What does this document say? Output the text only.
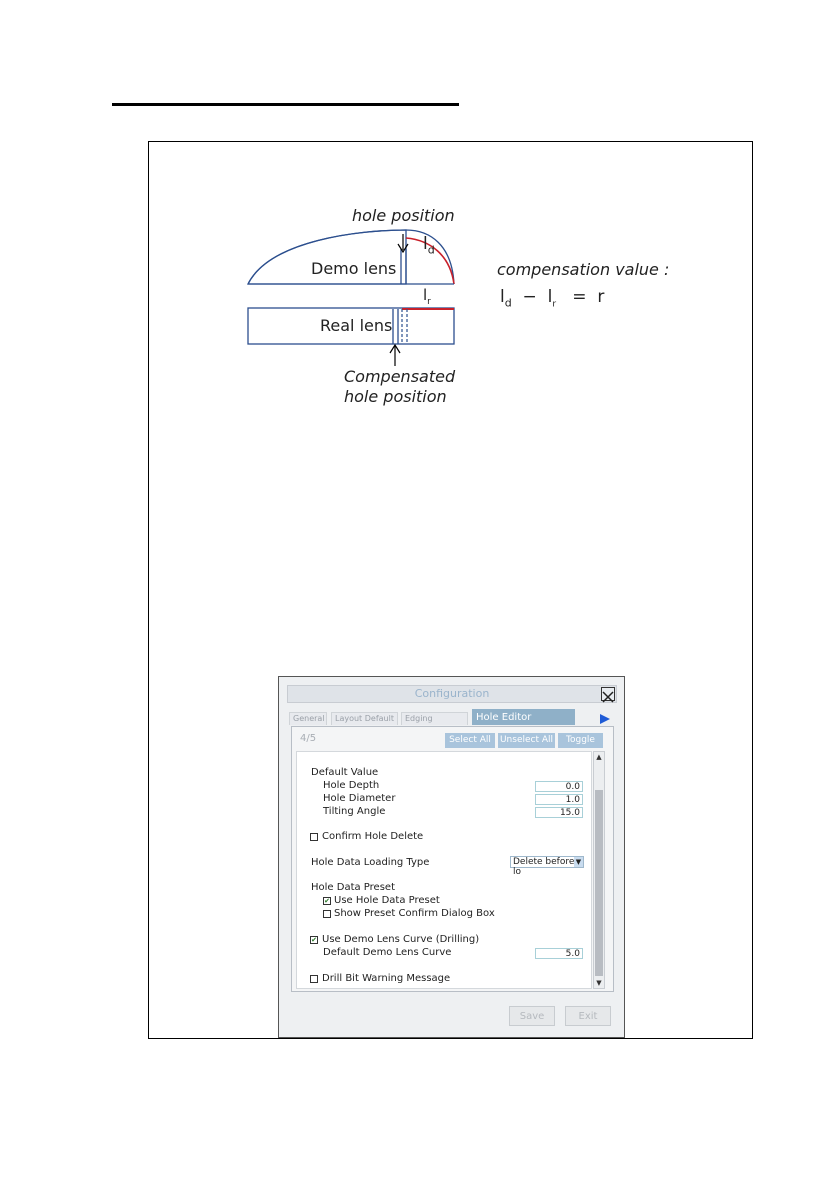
hole position
Demo lens
Real lens
Compensated
hole position
$l_d$
$l_r$
compensation value :
$l_d - l_r = r$
Configuration
General	Layout Default	Edging	Hole Editor
4/5	Select All	Unselect All	Toggle
Default Value
Hole Depth	0.0
Hole Diameter	1.0
Tilting Angle	15.0
Confirm Hole Delete
Hole Data Loading Type	Delete before lo
▼
Hole Data Preset
✔ Use Hole Data Preset
Show Preset Confirm Dialog Box
✔ Use Demo Lens Curve (Drilling)
Default Demo Lens Curve	5.0
Drill Bit Warning Message
▲
▼
Save	Exit
